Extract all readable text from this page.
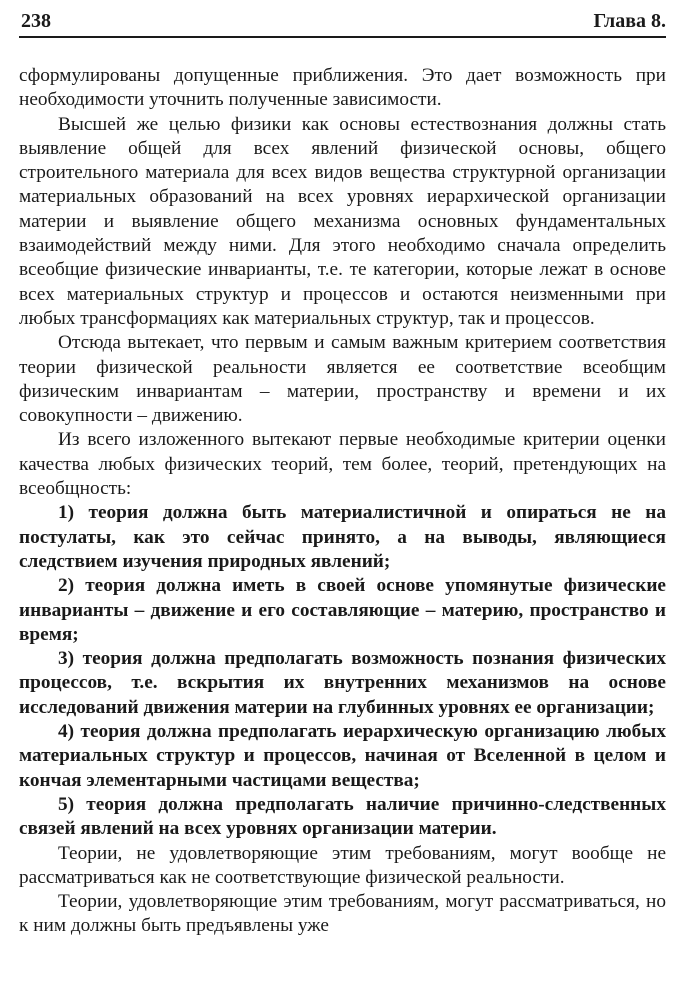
238	Глава 8.

сформулированы допущенные приближения. Это дает возможность при необходимости уточнить полученные зависимости.

Высшей же целью физики как основы естествознания должны стать выявление общей для всех явлений физической основы, общего строительного материала для всех видов вещества структурной организации материальных образований на всех уровнях иерархической организации материи и выявление общего механизма основных фундаментальных взаимодействий между ними. Для этого необходимо сначала определить всеобщие физические инварианты, т.е. те категории, которые лежат в основе всех материальных структур и процессов и остаются неизменными при любых трансформациях как материальных структур, так и процессов.

Отсюда вытекает, что первым и самым важным критерием соответствия теории физической реальности является ее соответствие всеобщим физическим инвариантам – материи, пространству и времени и их совокупности – движению.

Из всего изложенного вытекают первые необходимые критерии оценки качества любых физических теорий, тем более, теорий, претендующих на всеобщность:

1) теория должна быть материалистичной и опираться не на постулаты, как это сейчас принято, а на выводы, являющиеся следствием изучения природных явлений;

2) теория должна иметь в своей основе упомянутые физические инварианты – движение и его составляющие – материю, пространство и время;

3) теория должна предполагать возможность познания физических процессов, т.е. вскрытия их внутренних механизмов на основе исследований движения материи на глубинных уровнях ее организации;

4) теория должна предполагать иерархическую организацию любых материальных структур и процессов, начиная от Вселенной в целом и кончая элементарными частицами вещества;

5) теория должна предполагать наличие причинно-следственных связей явлений на всех уровнях организации материи.

Теории, не удовлетворяющие этим требованиям, могут вообще не рассматриваться как не соответствующие физической реальности.

Теории, удовлетворяющие этим требованиям, могут рассматриваться, но к ним должны быть предъявлены уже
